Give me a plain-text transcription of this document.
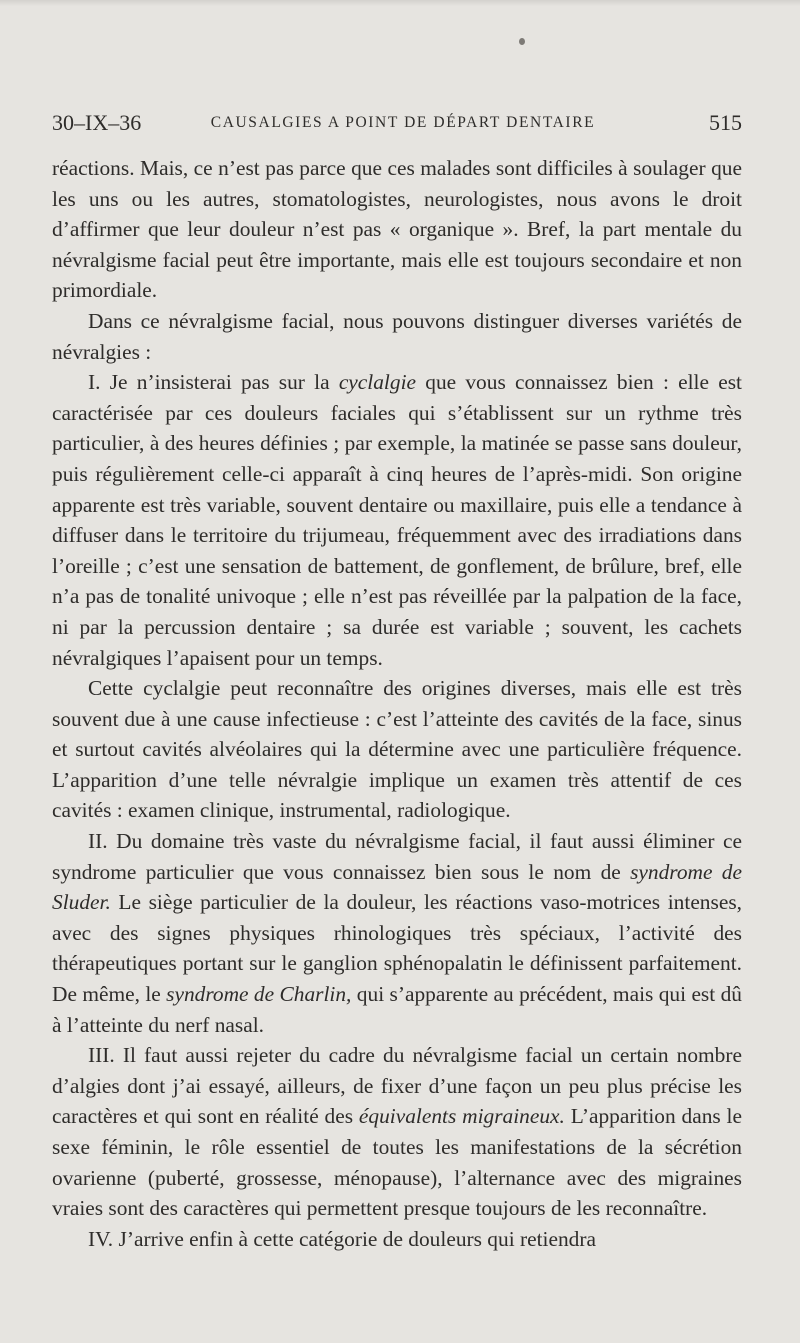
30–IX–36	CAUSALGIES A POINT DE DÉPART DENTAIRE	515

réactions. Mais, ce n’est pas parce que ces malades sont difficiles à soulager que les uns ou les autres, stomatologistes, neurologistes, nous avons le droit d’affirmer que leur douleur n’est pas « organique ». Bref, la part mentale du névralgisme facial peut être importante, mais elle est toujours secondaire et non primordiale.

Dans ce névralgisme facial, nous pouvons distinguer diverses variétés de névralgies :

I. Je n’insisterai pas sur la cyclalgie que vous connaissez bien : elle est caractérisée par ces douleurs faciales qui s’établissent sur un rythme très particulier, à des heures définies ; par exemple, la matinée se passe sans douleur, puis régulièrement celle-ci apparaît à cinq heures de l’après-midi. Son origine apparente est très variable, souvent dentaire ou maxillaire, puis elle a tendance à diffuser dans le territoire du trijumeau, fréquemment avec des irradiations dans l’oreille ; c’est une sensation de battement, de gonflement, de brûlure, bref, elle n’a pas de tonalité univoque ; elle n’est pas réveillée par la palpation de la face, ni par la percussion dentaire ; sa durée est variable ; souvent, les cachets névralgiques l’apaisent pour un temps.

Cette cyclalgie peut reconnaître des origines diverses, mais elle est très souvent due à une cause infectieuse : c’est l’atteinte des cavités de la face, sinus et surtout cavités alvéolaires qui la détermine avec une particulière fréquence. L’apparition d’une telle névralgie implique un examen très attentif de ces cavités : examen clinique, instrumental, radiologique.

II. Du domaine très vaste du névralgisme facial, il faut aussi éliminer ce syndrome particulier que vous connaissez bien sous le nom de syndrome de Sluder. Le siège particulier de la douleur, les réactions vaso-motrices intenses, avec des signes physiques rhinologiques très spéciaux, l’activité des thérapeutiques portant sur le ganglion sphénopalatin le définissent parfaitement. De même, le syndrome de Charlin, qui s’apparente au précédent, mais qui est dû à l’atteinte du nerf nasal.

III. Il faut aussi rejeter du cadre du névralgisme facial un certain nombre d’algies dont j’ai essayé, ailleurs, de fixer d’une façon un peu plus précise les caractères et qui sont en réalité des équivalents migraineux. L’apparition dans le sexe féminin, le rôle essentiel de toutes les manifestations de la sécrétion ovarienne (puberté, grossesse, ménopause), l’alternance avec des migraines vraies sont des caractères qui permettent presque toujours de les reconnaître.

IV. J’arrive enfin à cette catégorie de douleurs qui retiendra
